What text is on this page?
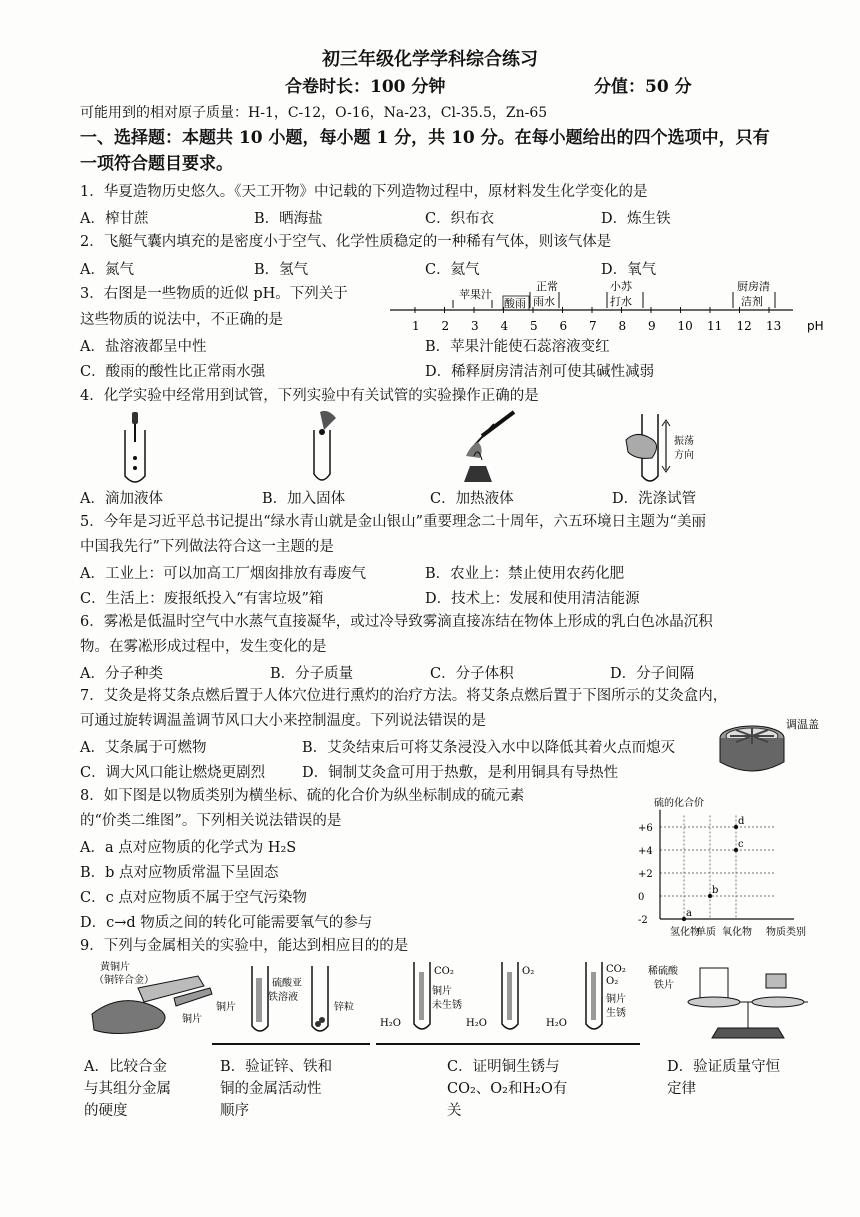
初三年级化学学科综合练习
合卷时长：100 分钟	分值：50 分
可能用到的相对原子质量：H-1，C-12，O-16，Na-23，Cl-35.5，Zn-65
一、选择题：本题共 10 小题，每小题 1 分，共 10 分。在每小题给出的四个选项中，只有
一项符合题目要求。
1．华夏造物历史悠久。《天工开物》中记载的下列造物过程中，原材料发生化学变化的是
A．榨甘蔗	B．晒海盐	C．织布衣	D．炼生铁
2．飞艇气囊内填充的是密度小于空气、化学性质稳定的一种稀有气体，则该气体是
A．氮气	B．氢气	C．氦气	D．氧气
3．右图是一些物质的近似 pH。下列关于
这些物质的说法中，不正确的是	1 2 3 4 5 6 7 8 9 10 11 12 13 pH
苹果汁
酸雨
正常
雨水
小苏
打水
厨房清
洁剂
A．盐溶液都呈中性	B．苹果汁能使石蕊溶液变红
C．酸雨的酸性比正常雨水强	D．稀释厨房清洁剂可使其碱性减弱
4．化学实验中经常用到试管，下列实验中有关试管的实验操作正确的是
振荡
方向
A．滴加液体	B．加入固体	C．加热液体	D．洗涤试管
5．今年是习近平总书记提出“绿水青山就是金山银山”重要理念二十周年，六五环境日主题为“美丽
中国我先行”下列做法符合这一主题的是
A．工业上：可以加高工厂烟囱排放有毒废气	B．农业上：禁止使用农药化肥
C．生活上：废报纸投入“有害垃圾”箱	D．技术上：发展和使用清洁能源
6．雾凇是低温时空气中水蒸气直接凝华，或过冷导致雾滴直接冻结在物体上形成的乳白色冰晶沉积
物。在雾凇形成过程中，发生变化的是
A．分子种类	B．分子质量	C．分子体积	D．分子间隔
7．艾灸是将艾条点燃后置于人体穴位进行熏灼的治疗方法。将艾条点燃后置于下图所示的艾灸盒内，
可通过旋转调温盖调节风口大小来控制温度。下列说法错误的是
A．艾条属于可燃物	B．艾灸结束后可将艾条浸没入水中以降低其着火点而熄灭
C．调大风口能让燃烧更剧烈	D．铜制艾灸盒可用于热敷，是利用铜具有导热性
调温盖
8．如下图是以物质类别为横坐标、硫的化合价为纵坐标制成的硫元素
的“价类二维图”。下列相关说法错误的是
A．a 点对应物质的化学式为 H₂S
B．b 点对应物质常温下呈固态
C．c 点对应物质不属于空气污染物
D．c→d 物质之间的转化可能需要氧气的参与
硫的化合价
+6
+4
+2
0
-2
氢化物
单质 氧化物 物质类别
a
b
c
d
9．下列与金属相关的实验中，能达到相应目的的是
黄铜片
（铜锌合金）
铜片
铜片
硫酸亚
铁溶液
锌粒
CO₂
铜片
未生锈
H₂O
O₂
H₂O
CO₂
O₂
铜片
生锈
H₂O
稀硫酸
铁片
A．比较合金
与其组分金属
的硬度
B．验证锌、铁和
铜的金属活动性
顺序
C．证明铜生锈与
CO₂、O₂和H₂O有
关
D．验证质量守恒
定律
